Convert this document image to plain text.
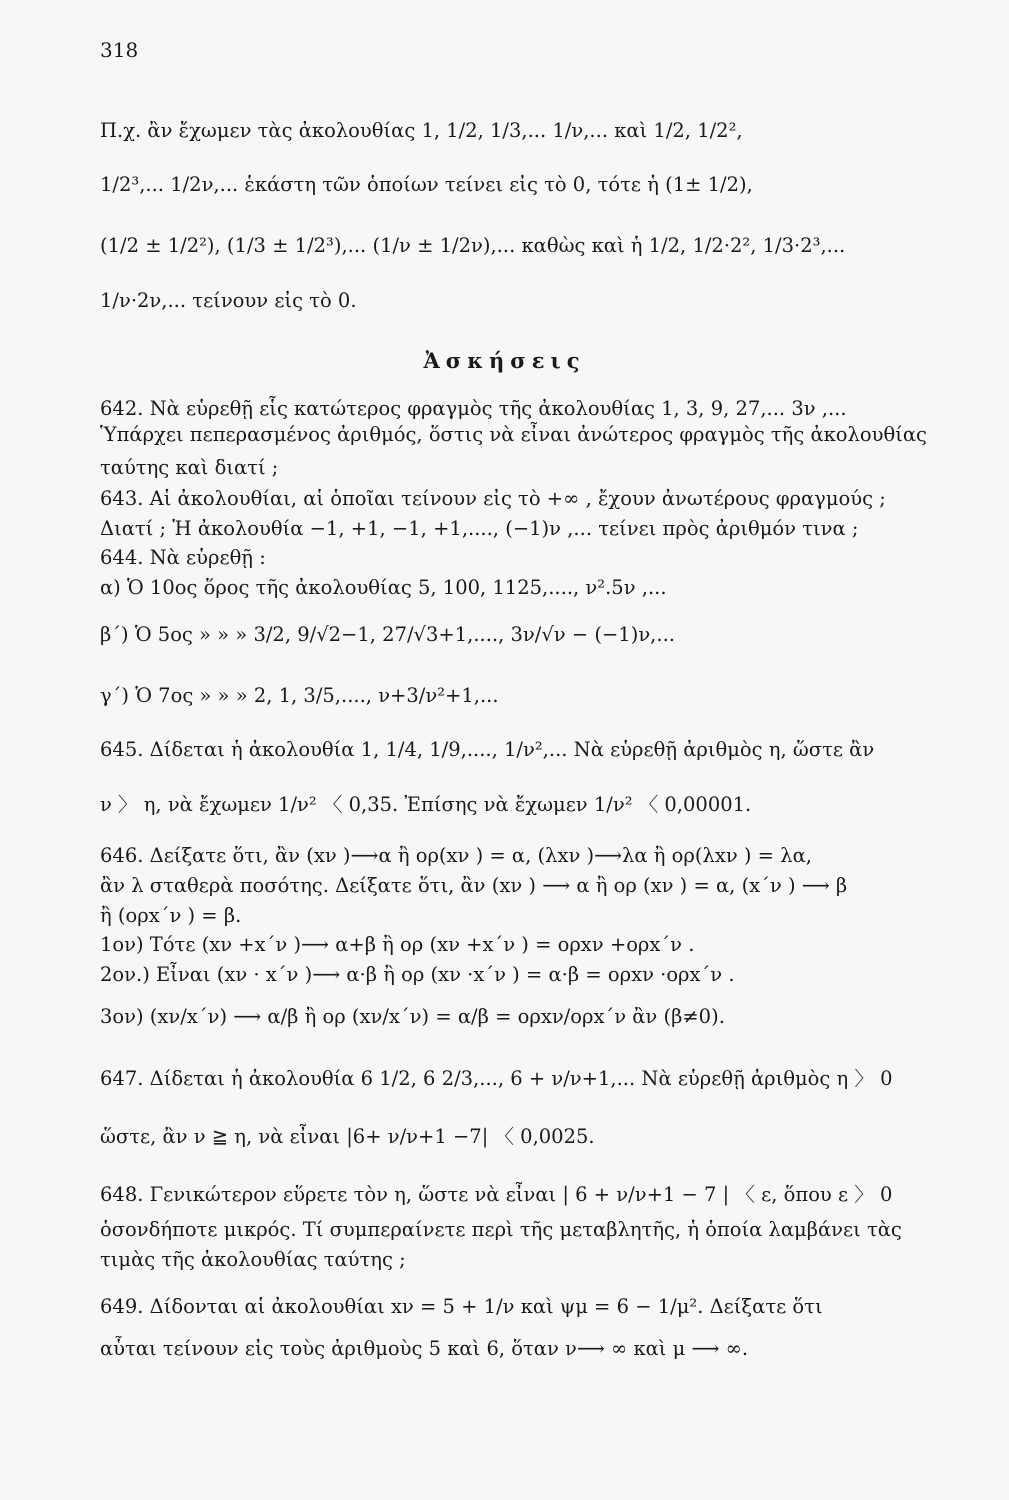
318
Π.χ. ἂν ἔχωμεν τὰς ἀκολουθίας 1, 1/2, 1/3,... 1/ν,... καὶ 1/2, 1/2²,
1/2³,... 1/2ν,... ἑκάστη τῶν ὁποίων τείνει εἰς τὸ 0, τότε ἡ (1± 1/2),
(1/2 ± 1/2²), (1/3 ± 1/2³),... (1/ν ± 1/2ν),... καθὼς καὶ ἡ 1/2, 1/2·2², 1/3·2³,...
1/ν·2ν,... τείνουν εἰς τὸ 0.
Ἀσκήσεις
642. Νὰ εὑρεθῇ εἷς κατώτερος φραγμὸς τῆς ἀκολουθίας 1, 3, 9, 27,... 3ν ,...
Ὑπάρχει πεπερασμένος ἀριθμός, ὅστις νὰ εἶναι ἀνώτερος φραγμὸς τῆς ἀκολουθίας
ταύτης καὶ διατί ;
643. Αἱ ἀκολουθίαι, αἱ ὁποῖαι τείνουν εἰς τὸ +∞ , ἔχουν ἀνωτέρους φραγμούς ;
Διατί ; Ἡ ἀκολουθία −1, +1, −1, +1,...., (−1)ν ,... τείνει πρὸς ἀριθμόν τινα ;
644. Νὰ εὑρεθῇ :
α) Ὁ 10ος ὅρος τῆς ἀκολουθίας 5, 100, 1125,...., ν².5ν ,...
β΄) Ὁ 5ος » » » 3/2, 9/√2−1, 27/√3+1,...., 3ν/√ν − (−1)ν,...
γ΄) Ὁ 7ος » » » 2, 1, 3/5,...., ν+3/ν²+1,...
645. Δίδεται ἡ ἀκολουθία 1, 1/4, 1/9,...., 1/ν²,... Νὰ εὑρεθῇ ἀριθμὸς η, ὥστε ἂν
ν 〉 η, νὰ ἔχωμεν 1/ν² 〈 0,35. Ἐπίσης νὰ ἔχωμεν 1/ν² 〈 0,00001.
646. Δείξατε ὅτι, ἂν (xν )⟶α ἢ ορ(xν ) = α, (λxν )⟶λα ἢ ορ(λxν ) = λα,
ἂν λ σταθερὰ ποσότης. Δείξατε ὅτι, ἂν (xν ) ⟶ α ἢ ορ (xν ) = α, (x΄ν ) ⟶ β
ἢ (ορx΄ν ) = β.
1ον) Τότε (xν +x΄ν )⟶ α+β ἢ ορ (xν +x΄ν ) = ορxν +ορx΄ν .
2ον.) Εἶναι (xν · x΄ν )⟶ α·β ἢ ορ (xν ·x΄ν ) = α·β = ορxν ·ορx΄ν .
3ον) (xν/x΄ν) ⟶ α/β ἢ ορ (xν/x΄ν) = α/β = ορxν/ορx΄ν ἂν (β≠0).
647. Δίδεται ἡ ἀκολουθία 6 1/2, 6 2/3,..., 6 + ν/ν+1,... Νὰ εὑρεθῇ ἀριθμὸς η 〉 0
ὥστε, ἂν ν ≧ η, νὰ εἶναι |6+ ν/ν+1 −7| 〈 0,0025.
648. Γενικώτερον εὕρετε τὸν η, ὥστε νὰ εἶναι | 6 + ν/ν+1 − 7 | 〈 ε, ὅπου ε 〉 0
ὁσονδήποτε μικρός. Τί συμπεραίνετε περὶ τῆς μεταβλητῆς, ἡ ὁποία λαμβάνει τὰς
τιμὰς τῆς ἀκολουθίας ταύτης ;
649. Δίδονται αἱ ἀκολουθίαι xν = 5 + 1/ν καὶ ψμ = 6 − 1/μ². Δείξατε ὅτι
αὗται τείνουν εἰς τοὺς ἀριθμοὺς 5 καὶ 6, ὅταν ν⟶ ∞ καὶ μ ⟶ ∞.
